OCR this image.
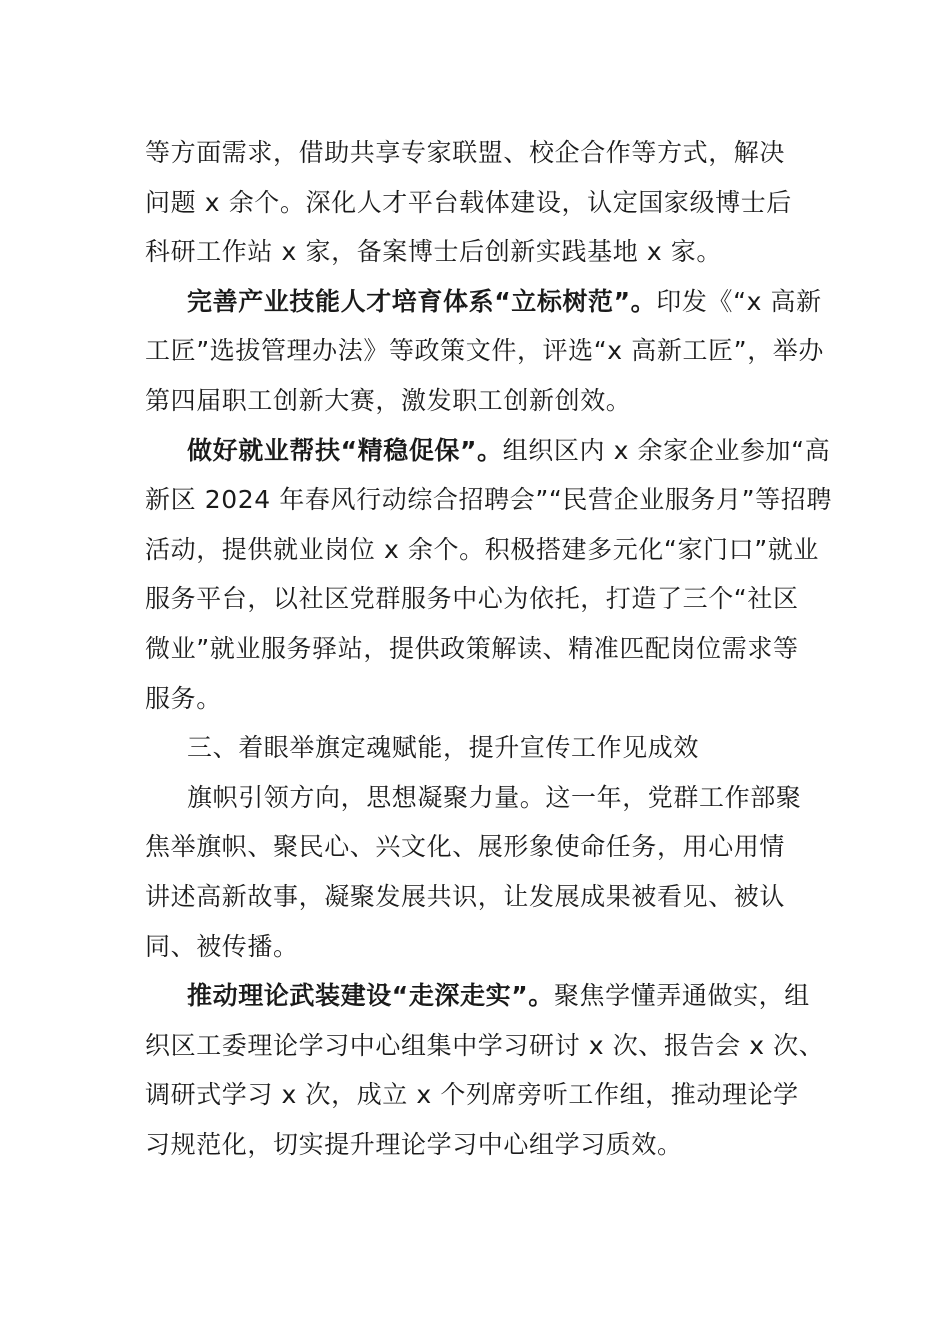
等方面需求，借助共享专家联盟、校企合作等方式，解决
问题 x 余个。深化人才平台载体建设，认定国家级博士后
科研工作站 x 家，备案博士后创新实践基地 x 家。
完善产业技能人才培育体系“立标树范”。印发《“x 高新
工匠”选拔管理办法》等政策文件，评选“x 高新工匠”，举办
第四届职工创新大赛，激发职工创新创效。
做好就业帮扶“精稳促保”。组织区内 x 余家企业参加“高
新区 2024 年春风行动综合招聘会”“民营企业服务月”等招聘
活动，提供就业岗位 x 余个。积极搭建多元化“家门口”就业
服务平台，以社区党群服务中心为依托，打造了三个“社区
微业”就业服务驿站，提供政策解读、精准匹配岗位需求等
服务。
三、着眼举旗定魂赋能，提升宣传工作见成效
旗帜引领方向，思想凝聚力量。这一年，党群工作部聚
焦举旗帜、聚民心、兴文化、展形象使命任务，用心用情
讲述高新故事，凝聚发展共识，让发展成果被看见、被认
同、被传播。
推动理论武装建设“走深走实”。聚焦学懂弄通做实，组
织区工委理论学习中心组集中学习研讨 x 次、报告会 x 次、
调研式学习 x 次，成立 x 个列席旁听工作组，推动理论学
习规范化，切实提升理论学习中心组学习质效。
